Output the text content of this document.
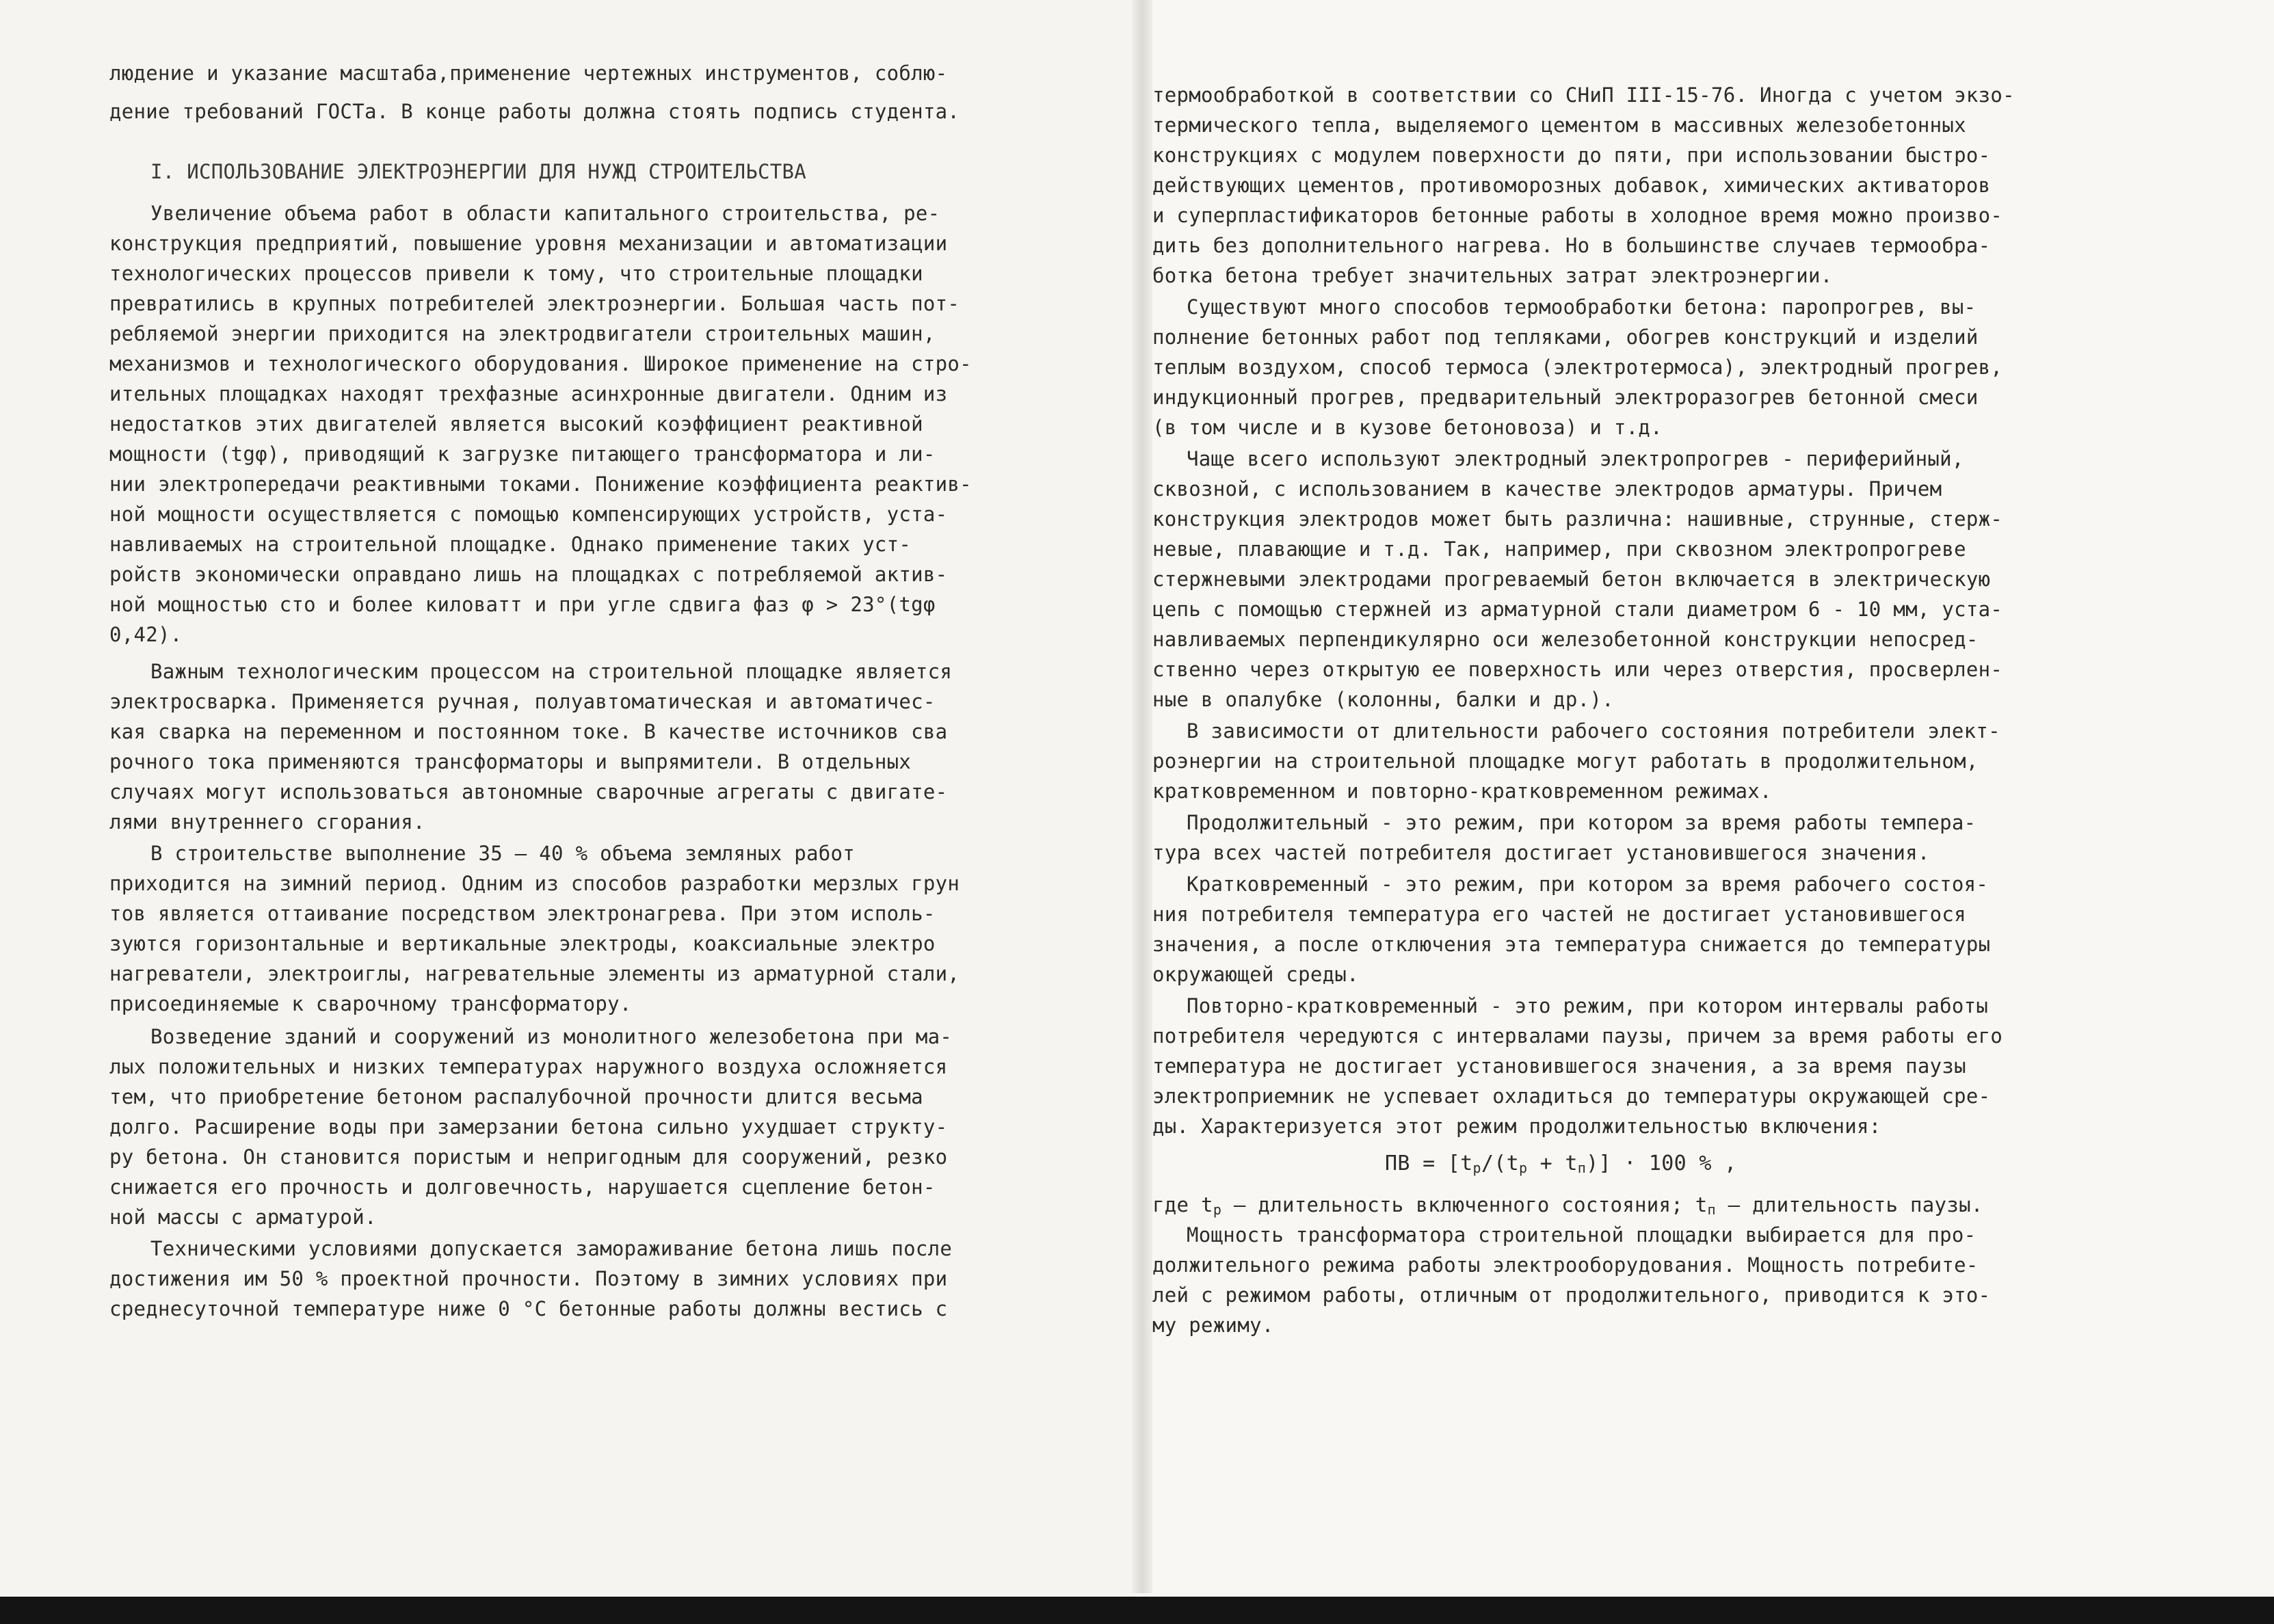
людение и указание масштаба,применение чертежных инструментов, соблю-
дение требований ГОСТа. В конце работы должна стоять подпись студента.
I. ИСПОЛЬЗОВАНИЕ ЭЛЕКТРОЭНЕРГИИ ДЛЯ НУЖД СТРОИТЕЛЬСТВА
Увеличение объема работ в области капитального строительства, ре-
конструкция предприятий, повышение уровня механизации и автоматизации
технологических процессов привели к тому, что строительные площадки
превратились в крупных потребителей электроэнергии. Большая часть пот-
ребляемой энергии приходится на электродвигатели строительных машин,
механизмов и технологического оборудования. Широкое применение на стро-
ительных площадках находят трехфазные асинхронные двигатели. Одним из
недостатков этих двигателей является высокий коэффициент реактивной
мощности (tgφ), приводящий к загрузке питающего трансформатора и ли-
нии электропередачи реактивными токами. Понижение коэффициента реактив-
ной мощности осуществляется с помощью компенсирующих устройств, уста-
навливаемых на строительной площадке. Однако применение таких уст-
ройств экономически оправдано лишь на площадках с потребляемой актив-
ной мощностью сто и более киловатт и при угле сдвига фаз φ > 23°(tgφ
0,42).
Важным технологическим процессом на строительной площадке является
электросварка. Применяется ручная, полуавтоматическая и автоматичес-
кая сварка на переменном и постоянном токе. В качестве источников сва
рочного тока применяются трансформаторы и выпрямители. В отдельных
случаях могут использоваться автономные сварочные агрегаты с двигате-
лями внутреннего сгорания.
В строительстве выполнение 35 – 40 % объема земляных работ
приходится на зимний период. Одним из способов разработки мерзлых грун
тов является оттаивание посредством электронагрева. При этом исполь-
зуются горизонтальные и вертикальные электроды, коаксиальные электро
нагреватели, электроиглы, нагревательные элементы из арматурной стали,
присоединяемые к сварочному трансформатору.
Возведение зданий и сооружений из монолитного железобетона при ма-
лых положительных и низких температурах наружного воздуха осложняется
тем, что приобретение бетоном распалубочной прочности длится весьма
долго. Расширение воды при замерзании бетона сильно ухудшает структу-
ру бетона. Он становится пористым и непригодным для сооружений, резко
снижается его прочность и долговечность, нарушается сцепление бетон-
ной массы с арматурой.
Техническими условиями допускается замораживание бетона лишь после
достижения им 50 % проектной прочности. Поэтому в зимних условиях при
среднесуточной температуре ниже 0 °С бетонные работы должны вестись с
термообработкой в соответствии со СНиП III-15-76. Иногда с учетом экзо-
термического тепла, выделяемого цементом в массивных железобетонных
конструкциях с модулем поверхности до пяти, при использовании быстро-
действующих цементов, противоморозных добавок, химических активаторов
и суперпластификаторов бетонные работы в холодное время можно произво-
дить без дополнительного нагрева. Но в большинстве случаев термообра-
ботка бетона требует значительных затрат электроэнергии.
Существуют много способов термообработки бетона: паропрогрев, вы-
полнение бетонных работ под тепляками, обогрев конструкций и изделий
теплым воздухом, способ термоса (электротермоса), электродный прогрев,
индукционный прогрев, предварительный электроразогрев бетонной смеси
(в том числе и в кузове бетоновоза) и т.д.
Чаще всего используют электродный электропрогрев - периферийный,
сквозной, с использованием в качестве электродов арматуры. Причем
конструкция электродов может быть различна: нашивные, струнные, стерж-
невые, плавающие и т.д. Так, например, при сквозном электропрогреве
стержневыми электродами прогреваемый бетон включается в электрическую
цепь с помощью стержней из арматурной стали диаметром 6 - 10 мм, уста-
навливаемых перпендикулярно оси железобетонной конструкции непосред-
ственно через открытую ее поверхность или через отверстия, просверлен-
ные в опалубке (колонны, балки и др.).
В зависимости от длительности рабочего состояния потребители элект-
роэнергии на строительной площадке могут работать в продолжительном,
кратковременном и повторно-кратковременном режимах.
Продолжительный - это режим, при котором за время работы темпера-
тура всех частей потребителя достигает установившегося значения.
Кратковременный - это режим, при котором за время рабочего состоя-
ния потребителя температура его частей не достигает установившегося
значения, а после отключения эта температура снижается до температуры
окружающей среды.
Повторно-кратковременный - это режим, при котором интервалы работы
потребителя чередуются с интервалами паузы, причем за время работы его
температура не достигает установившегося значения, а за время паузы
электроприемник не успевает охладиться до температуры окружающей сре-
ды. Характеризуется этот режим продолжительностью включения:
ПВ = $[t_р/(t_р + t_п)] \cdot 100$ % ,
где $t_р$ – длительность включенного состояния; $t_п$ – длительность паузы.
Мощность трансформатора строительной площадки выбирается для про-
должительного режима работы электрооборудования. Мощность потребите-
лей с режимом работы, отличным от продолжительного, приводится к это-
му режиму.
